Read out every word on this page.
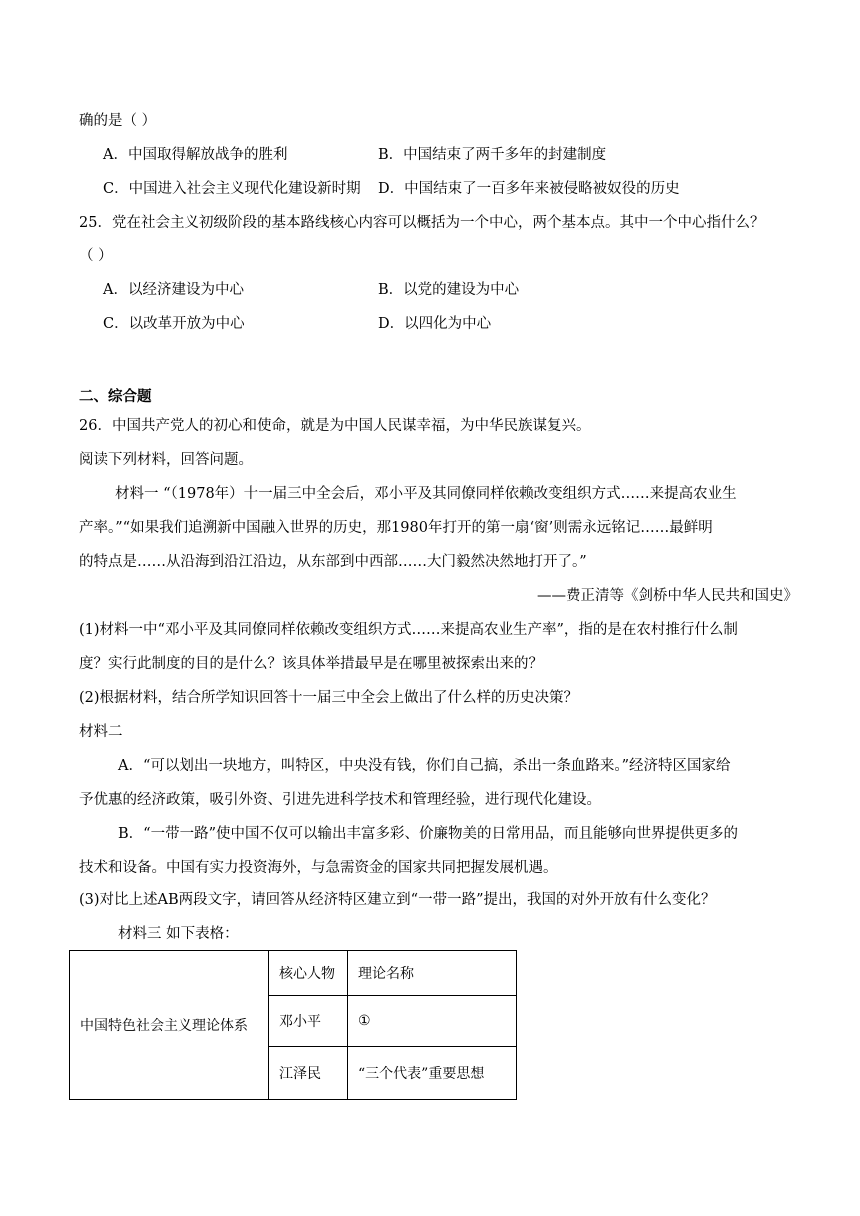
确的是（ ）
A．中国取得解放战争的胜利	B．中国结束了两千多年的封建制度
C．中国进入社会主义现代化建设新时期 D．中国结束了一百多年来被侵略被奴役的历史
25．党在社会主义初级阶段的基本路线核心内容可以概括为一个中心，两个基本点。其中一个中心指什么？
（ ）
A．以经济建设为中心	B．以党的建设为中心
C．以改革开放为中心	D．以四化为中心
二、综合题
26．中国共产党人的初心和使命，就是为中国人民谋幸福，为中华民族谋复兴。
阅读下列材料，回答问题。
材料一 “（1978年）十一届三中全会后，邓小平及其同僚同样依赖改变组织方式……来提高农业生
产率。”“如果我们追溯新中国融入世界的历史，那1980年打开的第一扇‘窗’则需永远铭记……最鲜明
的特点是……从沿海到沿江沿边，从东部到中西部……大门毅然决然地打开了。”
——费正清等《剑桥中华人民共和国史》
(1)材料一中“邓小平及其同僚同样依赖改变组织方式……来提高农业生产率”，指的是在农村推行什么制
度？实行此制度的目的是什么？该具体举措最早是在哪里被探索出来的？
(2)根据材料，结合所学知识回答十一届三中全会上做出了什么样的历史决策？
材料二
A．“可以划出一块地方，叫特区，中央没有钱，你们自己搞，杀出一条血路来。”经济特区国家给
予优惠的经济政策，吸引外资、引进先进科学技术和管理经验，进行现代化建设。
B．“一带一路”使中国不仅可以输出丰富多彩、价廉物美的日常用品，而且能够向世界提供更多的
技术和设备。中国有实力投资海外，与急需资金的国家共同把握发展机遇。
(3)对比上述AB两段文字，请回答从经济特区建立到“一带一路”提出，我国的对外开放有什么变化？
材料三 如下表格：
中国特色社会主义理论体系	核心人物	理论名称
	邓小平	①
	江泽民	“三个代表”重要思想
